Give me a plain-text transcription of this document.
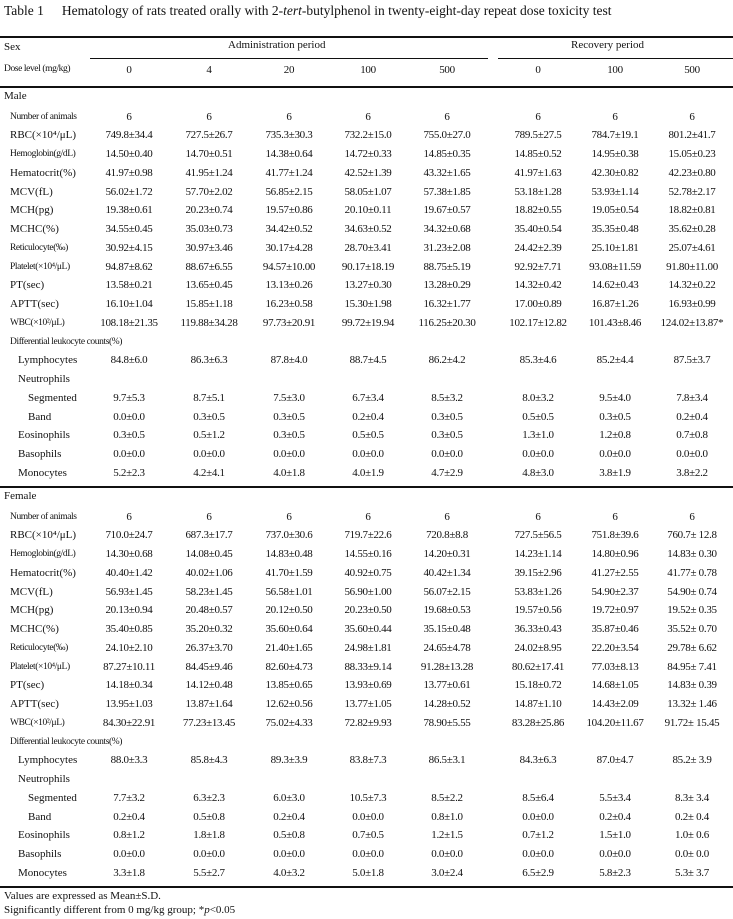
Table 1 Hematology of rats treated orally with 2-tert-butylphenol in twenty-eight-day repeat dose toxicity test
Sex	Administration period	Recovery period
Dose level (mg/kg)	0	4	20	100	500	0	100	500
Male
Number of animals	6	6	6	6	6	6	6	6
RBC(×10⁴/μL)	749.8±34.4	727.5±26.7	735.3±30.3	732.2±15.0	755.0±27.0	789.5±27.5	784.7±19.1	801.2±41.7
Hemoglobin(g/dL)	14.50±0.40	14.70±0.51	14.38±0.64	14.72±0.33	14.85±0.35	14.85±0.52	14.95±0.38	15.05±0.23
Hematocrit(%)	41.97±0.98	41.95±1.24	41.77±1.24	42.52±1.39	43.32±1.65	41.97±1.63	42.30±0.82	42.23±0.80
MCV(fL)	56.02±1.72	57.70±2.02	56.85±2.15	58.05±1.07	57.38±1.85	53.18±1.28	53.93±1.14	52.78±2.17
MCH(pg)	19.38±0.61	20.23±0.74	19.57±0.86	20.10±0.11	19.67±0.57	18.82±0.55	19.05±0.54	18.82±0.81
MCHC(%)	34.55±0.45	35.03±0.73	34.42±0.52	34.63±0.52	34.32±0.68	35.40±0.54	35.35±0.48	35.62±0.28
Reticulocyte(‰)	30.92±4.15	30.97±3.46	30.17±4.28	28.70±3.41	31.23±2.08	24.42±2.39	25.10±1.81	25.07±4.61
Platelet(×10⁴/μL)	94.87±8.62	88.67±6.55	94.57±10.00	90.17±18.19	88.75±5.19	92.92±7.71	93.08±11.59	91.80±11.00
PT(sec)	13.58±0.21	13.65±0.45	13.13±0.26	13.27±0.30	13.28±0.29	14.32±0.42	14.62±0.43	14.32±0.22
APTT(sec)	16.10±1.04	15.85±1.18	16.23±0.58	15.30±1.98	16.32±1.77	17.00±0.89	16.87±1.26	16.93±0.99
WBC(×10²/μL)	108.18±21.35	119.88±34.28	97.73±20.91	99.72±19.94	116.25±20.30	102.17±12.82	101.43±8.46	124.02±13.87*
Differential leukocyte counts(%)
Lymphocytes	84.8±6.0	86.3±6.3	87.8±4.0	88.7±4.5	86.2±4.2	85.3±4.6	85.2±4.4	87.5±3.7
Neutrophils
Segmented	9.7±5.3	8.7±5.1	7.5±3.0	6.7±3.4	8.5±3.2	8.0±3.2	9.5±4.0	7.8±3.4
Band	0.0±0.0	0.3±0.5	0.3±0.5	0.2±0.4	0.3±0.5	0.5±0.5	0.3±0.5	0.2±0.4
Eosinophils	0.3±0.5	0.5±1.2	0.3±0.5	0.5±0.5	0.3±0.5	1.3±1.0	1.2±0.8	0.7±0.8
Basophils	0.0±0.0	0.0±0.0	0.0±0.0	0.0±0.0	0.0±0.0	0.0±0.0	0.0±0.0	0.0±0.0
Monocytes	5.2±2.3	4.2±4.1	4.0±1.8	4.0±1.9	4.7±2.9	4.8±3.0	3.8±1.9	3.8±2.2
Female
Number of animals	6	6	6	6	6	6	6	6
RBC(×10⁴/μL)	710.0±24.7	687.3±17.7	737.0±30.6	719.7±22.6	720.8±8.8	727.5±56.5	751.8±39.6	760.7± 12.8
Hemoglobin(g/dL)	14.30±0.68	14.08±0.45	14.83±0.48	14.55±0.16	14.20±0.31	14.23±1.14	14.80±0.96	14.83± 0.30
Hematocrit(%)	40.40±1.42	40.02±1.06	41.70±1.59	40.92±0.75	40.42±1.34	39.15±2.96	41.27±2.55	41.77± 0.78
MCV(fL)	56.93±1.45	58.23±1.45	56.58±1.01	56.90±1.00	56.07±2.15	53.83±1.26	54.90±2.37	54.90± 0.74
MCH(pg)	20.13±0.94	20.48±0.57	20.12±0.50	20.23±0.50	19.68±0.53	19.57±0.56	19.72±0.97	19.52± 0.35
MCHC(%)	35.40±0.85	35.20±0.32	35.60±0.64	35.60±0.44	35.15±0.48	36.33±0.43	35.87±0.46	35.52± 0.70
Reticulocyte(‰)	24.10±2.10	26.37±3.70	21.40±1.65	24.98±1.81	24.65±4.78	24.02±8.95	22.20±3.54	29.78± 6.62
Platelet(×10⁴/μL)	87.27±10.11	84.45±9.46	82.60±4.73	88.33±9.14	91.28±13.28	80.62±17.41	77.03±8.13	84.95± 7.41
PT(sec)	14.18±0.34	14.12±0.48	13.85±0.65	13.93±0.69	13.77±0.61	15.18±0.72	14.68±1.05	14.83± 0.39
APTT(sec)	13.95±1.03	13.87±1.64	12.62±0.56	13.77±1.05	14.28±0.52	14.87±1.10	14.43±2.09	13.32± 1.46
WBC(×10²/μL)	84.30±22.91	77.23±13.45	75.02±4.33	72.82±9.93	78.90±5.55	83.28±25.86	104.20±11.67	91.72± 15.45
Differential leukocyte counts(%)
Lymphocytes	88.0±3.3	85.8±4.3	89.3±3.9	83.8±7.3	86.5±3.1	84.3±6.3	87.0±4.7	85.2± 3.9
Neutrophils
Segmented	7.7±3.2	6.3±2.3	6.0±3.0	10.5±7.3	8.5±2.2	8.5±6.4	5.5±3.4	8.3± 3.4
Band	0.2±0.4	0.5±0.8	0.2±0.4	0.0±0.0	0.8±1.0	0.0±0.0	0.2±0.4	0.2± 0.4
Eosinophils	0.8±1.2	1.8±1.8	0.5±0.8	0.7±0.5	1.2±1.5	0.7±1.2	1.5±1.0	1.0± 0.6
Basophils	0.0±0.0	0.0±0.0	0.0±0.0	0.0±0.0	0.0±0.0	0.0±0.0	0.0±0.0	0.0± 0.0
Monocytes	3.3±1.8	5.5±2.7	4.0±3.2	5.0±1.8	3.0±2.4	6.5±2.9	5.8±2.3	5.3± 3.7
Values are expressed as Mean±S.D.
Significantly different from 0 mg/kg group; *p<0.05
